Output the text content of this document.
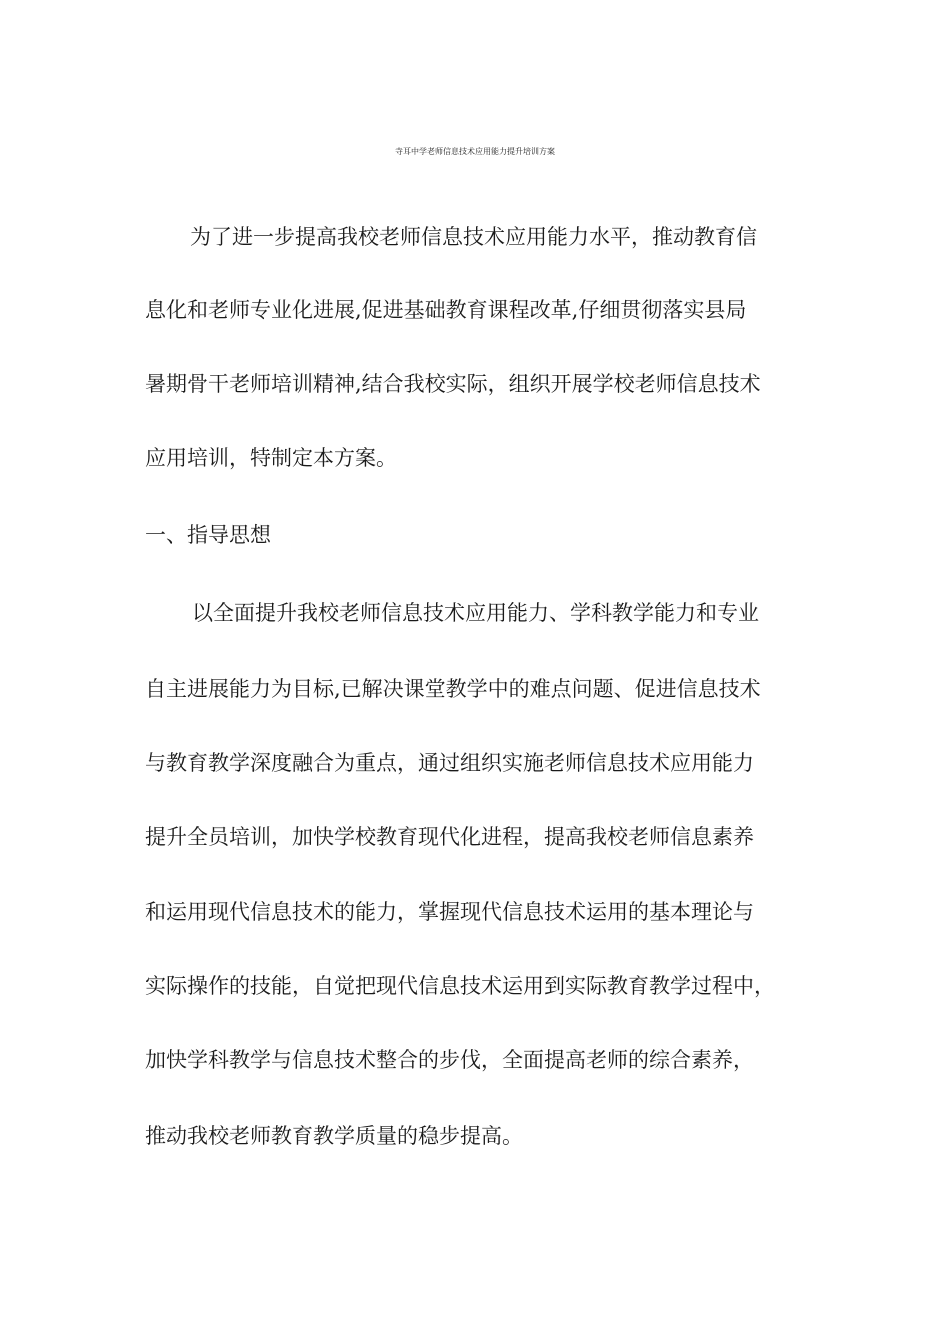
寺耳中学老师信息技术应用能力提升培训方案
为了进一步提高我校老师信息技术应用能力水平，推动教育信
息化和老师专业化进展,促进基础教育课程改革,仔细贯彻落实县局
暑期骨干老师培训精神,结合我校实际，组织开展学校老师信息技术
应用培训，特制定本方案。
一、指导思想
以全面提升我校老师信息技术应用能力、学科教学能力和专业
自主进展能力为目标,已解决课堂教学中的难点问题、促进信息技术
与教育教学深度融合为重点，通过组织实施老师信息技术应用能力
提升全员培训，加快学校教育现代化进程，提高我校老师信息素养
和运用现代信息技术的能力，掌握现代信息技术运用的基本理论与
实际操作的技能，自觉把现代信息技术运用到实际教育教学过程中，
加快学科教学与信息技术整合的步伐，全面提高老师的综合素养，
推动我校老师教育教学质量的稳步提高。
